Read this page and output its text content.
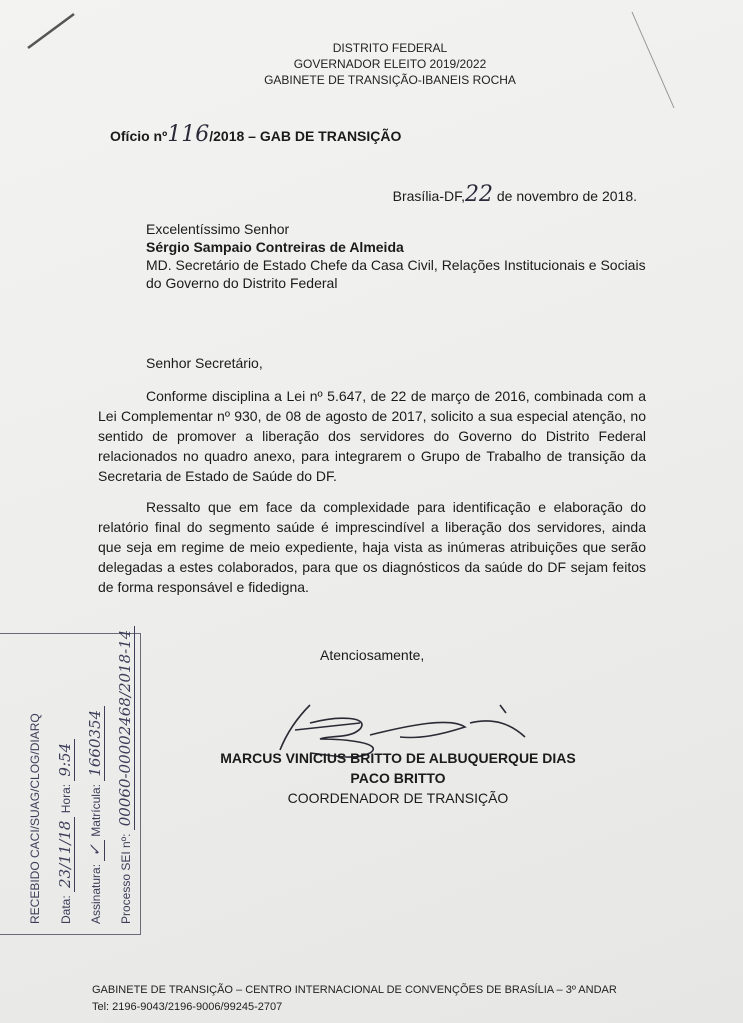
DISTRITO FEDERAL
GOVERNADOR ELEITO 2019/2022
GABINETE DE TRANSIÇÃO-IBANEIS ROCHA
Ofício nº116/2018 – GAB DE TRANSIÇÃO
Brasília-DF,22 de novembro de 2018.
Excelentíssimo Senhor
Sérgio Sampaio Contreiras de Almeida
MD. Secretário de Estado Chefe da Casa Civil, Relações Institucionais e Sociais do Governo do Distrito Federal
Senhor Secretário,
Conforme disciplina a Lei nº 5.647, de 22 de março de 2016, combinada com a Lei Complementar nº 930, de 08 de agosto de 2017, solicito a sua especial atenção, no sentido de promover a liberação dos servidores do Governo do Distrito Federal relacionados no quadro anexo, para integrarem o Grupo de Trabalho de transição da Secretaria de Estado de Saúde do DF.
Ressalto que em face da complexidade para identificação e elaboração do relatório final do segmento saúde é imprescindível a liberação dos servidores, ainda que seja em regime de meio expediente, haja vista as inúmeras atribuições que serão delegadas a estes colaborados, para que os diagnósticos da saúde do DF sejam feitos de forma responsável e fidedigna.
Atenciosamente,
MARCUS VINICIUS BRITTO DE ALBUQUERQUE DIAS
PACO BRITTO
COORDENADOR DE TRANSIÇÃO
RECEBIDO CACI/SUAG/CLOG/DIARQ	Data: 23/11/18 Hora: 9:54
Assinatura: ✓ Matrícula: 1660354
Processo SEI nº: 00060-00002468/2018-14
GABINETE DE TRANSIÇÃO – CENTRO INTERNACIONAL DE CONVENÇÕES DE BRASÍLIA – 3º ANDAR
Tel: 2196-9043/2196-9006/99245-2707
